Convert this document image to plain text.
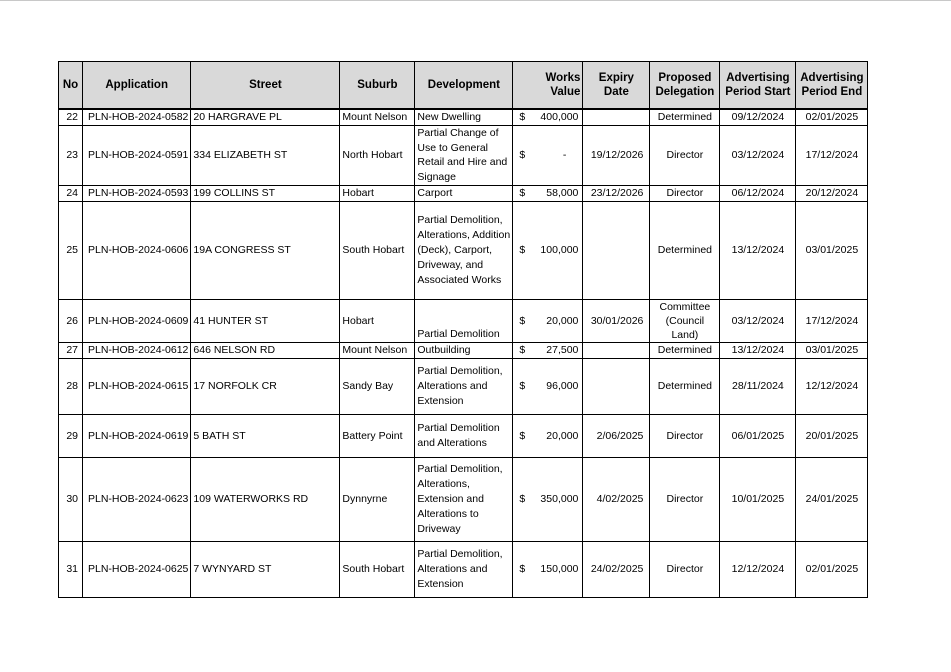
No	Application	Street	Suburb	Development	Works Value	Expiry Date	Proposed Delegation	Advertising Period Start	Advertising Period End
22	PLN-HOB-2024-0582	20 HARGRAVE PL	Mount Nelson	New Dwelling	$ 400,000		Determined	09/12/2024	02/01/2025
23	PLN-HOB-2024-0591	334 ELIZABETH ST	North Hobart	Partial Change of Use to General Retail and Hire and Signage	$ -	19/12/2026	Director	03/12/2024	17/12/2024
24	PLN-HOB-2024-0593	199 COLLINS ST	Hobart	Carport	$ 58,000	23/12/2026	Director	06/12/2024	20/12/2024
25	PLN-HOB-2024-0606	19A CONGRESS ST	South Hobart	Partial Demolition, Alterations, Addition (Deck), Carport, Driveway, and Associated Works	$ 100,000		Determined	13/12/2024	03/01/2025
26	PLN-HOB-2024-0609	41 HUNTER ST	Hobart	Partial Demolition	$ 20,000	30/01/2026	Committee (Council Land)	03/12/2024	17/12/2024
27	PLN-HOB-2024-0612	646 NELSON RD	Mount Nelson	Outbuilding	$ 27,500		Determined	13/12/2024	03/01/2025
28	PLN-HOB-2024-0615	17 NORFOLK CR	Sandy Bay	Partial Demolition, Alterations and Extension	$ 96,000		Determined	28/11/2024	12/12/2024
29	PLN-HOB-2024-0619	5 BATH ST	Battery Point	Partial Demolition and Alterations	$ 20,000	2/06/2025	Director	06/01/2025	20/01/2025
30	PLN-HOB-2024-0623	109 WATERWORKS RD	Dynnyrne	Partial Demolition, Alterations, Extension and Alterations to Driveway	$ 350,000	4/02/2025	Director	10/01/2025	24/01/2025
31	PLN-HOB-2024-0625	7 WYNYARD ST	South Hobart	Partial Demolition, Alterations and Extension	$ 150,000	24/02/2025	Director	12/12/2024	02/01/2025
